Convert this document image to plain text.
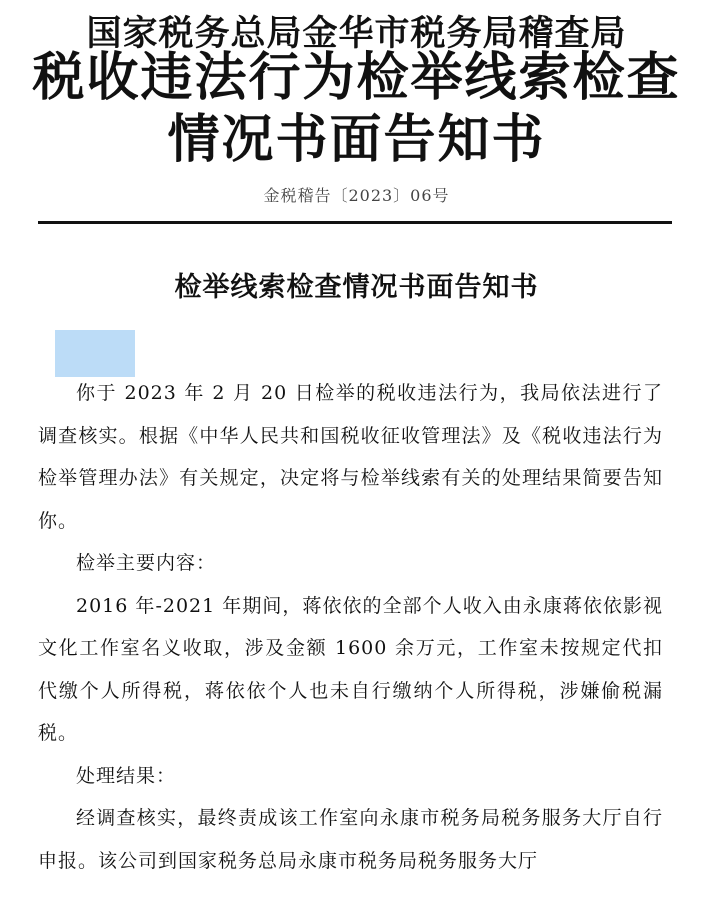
国家税务总局金华市税务局稽查局
税收违法行为检举线索检查
情况书面告知书
金税稽告〔2023〕06号
检举线索检查情况书面告知书

你于 2023 年 2 月 20 日检举的税收违法行为，我局依法进行了调查核实。根据《中华人民共和国税收征收管理法》及《税收违法行为检举管理办法》有关规定，决定将与检举线索有关的处理结果简要告知你。

检举主要内容：

2016 年-2021 年期间，蒋依依的全部个人收入由永康蒋依依影视文化工作室名义收取，涉及金额 1600 余万元，工作室未按规定代扣代缴个人所得税，蒋依依个人也未自行缴纳个人所得税，涉嫌偷税漏税。

处理结果：

经调查核实，最终责成该工作室向永康市税务局税务服务大厅自行申报。该公司到国家税务总局永康市税务局税务服务大厅
